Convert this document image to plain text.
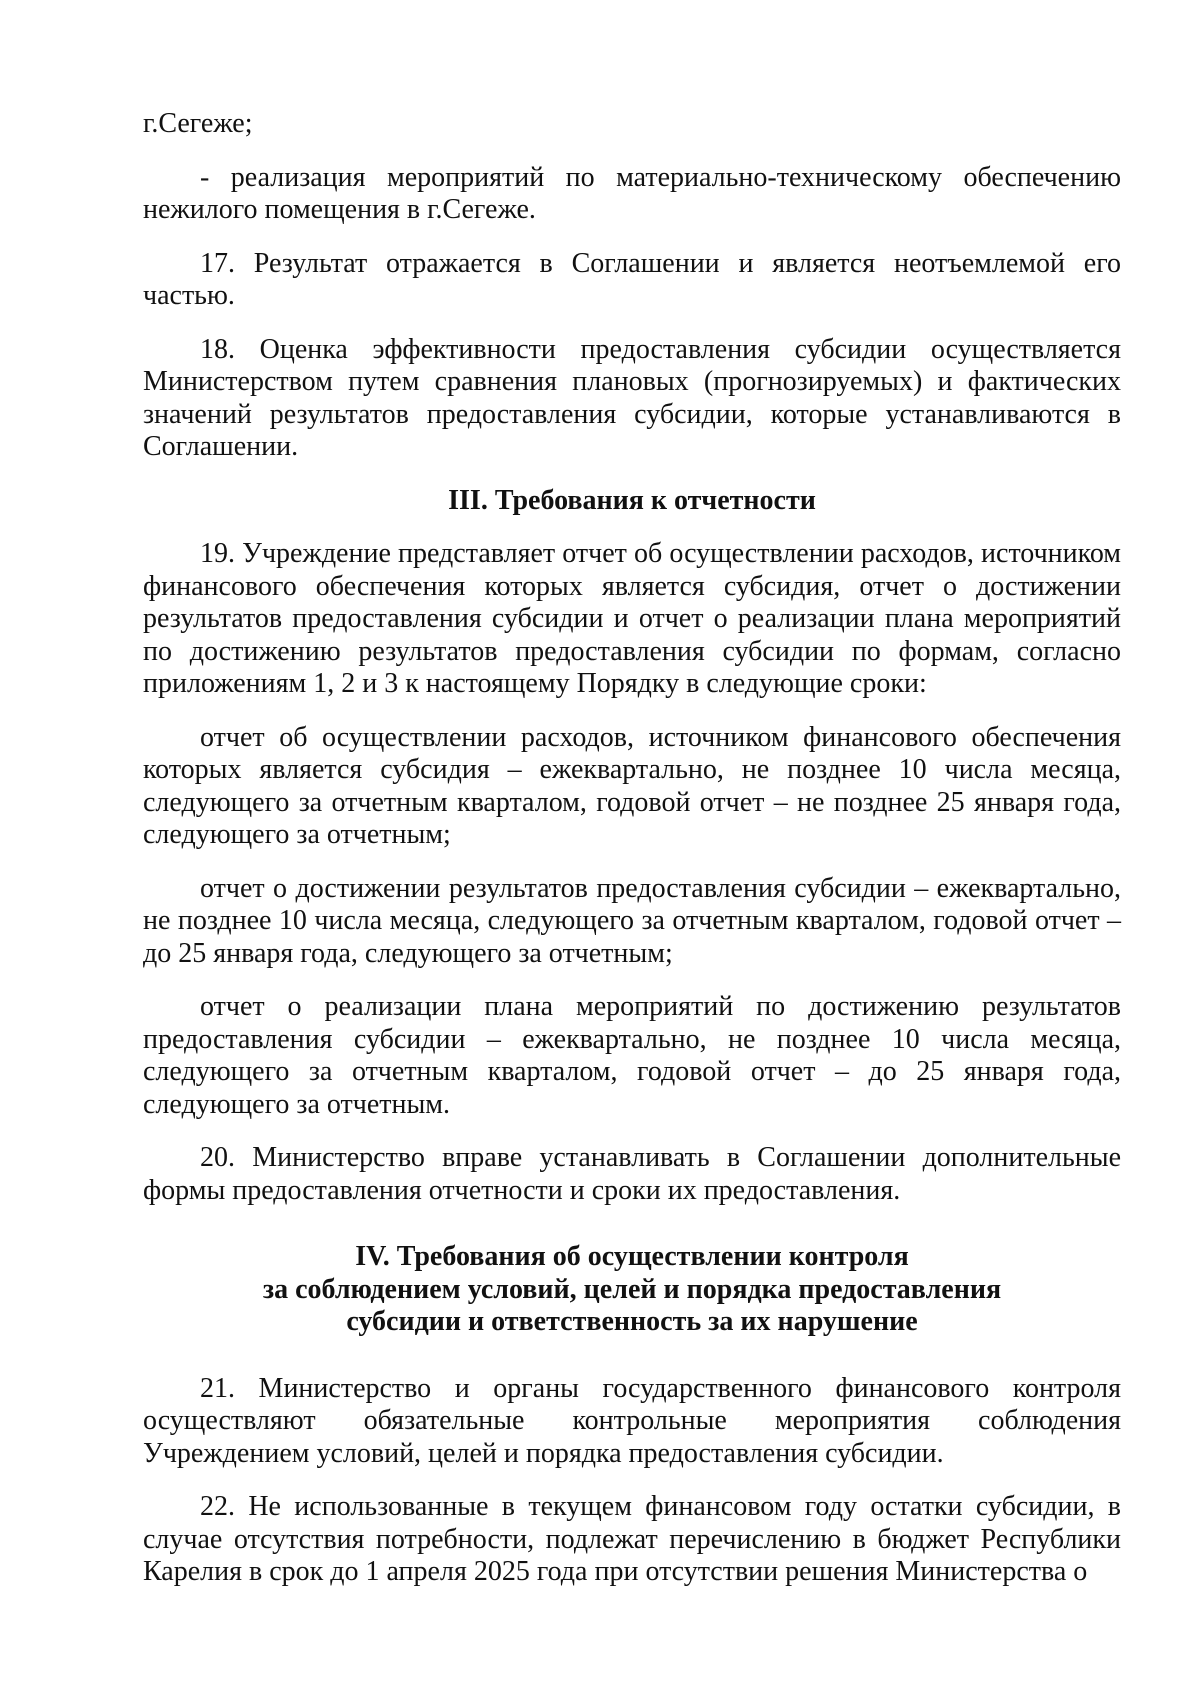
г.Сегеже;

- реализация мероприятий по материально-техническому обеспечению нежилого помещения в г.Сегеже.

17. Результат отражается в Соглашении и является неотъемлемой его частью.

18. Оценка эффективности предоставления субсидии осуществляется Министерством путем сравнения плановых (прогнозируемых) и фактических значений результатов предоставления субсидии, которые устанавливаются в Соглашении.

III. Требования к отчетности

19. Учреждение представляет отчет об осуществлении расходов, источником финансового обеспечения которых является субсидия, отчет о достижении результатов предоставления субсидии и отчет о реализации плана мероприятий по достижению результатов предоставления субсидии по формам, согласно приложениям 1, 2 и 3 к настоящему Порядку в следующие сроки:

отчет об осуществлении расходов, источником финансового обеспечения которых является субсидия – ежеквартально, не позднее 10 числа месяца, следующего за отчетным кварталом, годовой отчет – не позднее 25 января года, следующего за отчетным;

отчет о достижении результатов предоставления субсидии – ежеквартально, не позднее 10 числа месяца, следующего за отчетным кварталом, годовой отчет – до 25 января года, следующего за отчетным;

отчет о реализации плана мероприятий по достижению результатов предоставления субсидии – ежеквартально, не позднее 10 числа месяца, следующего за отчетным кварталом, годовой отчет – до 25 января года, следующего за отчетным.

20. Министерство вправе устанавливать в Соглашении дополнительные формы предоставления отчетности и сроки их предоставления.

IV. Требования об осуществлении контроля
за соблюдением условий, целей и порядка предоставления
субсидии и ответственность за их нарушение

21. Министерство и органы государственного финансового контроля осуществляют обязательные контрольные мероприятия соблюдения Учреждением условий, целей и порядка предоставления субсидии.

22. Не использованные в текущем финансовом году остатки субсидии, в случае отсутствия потребности, подлежат перечислению в бюджет Республики Карелия в срок до 1 апреля 2025 года при отсутствии решения Министерства о
